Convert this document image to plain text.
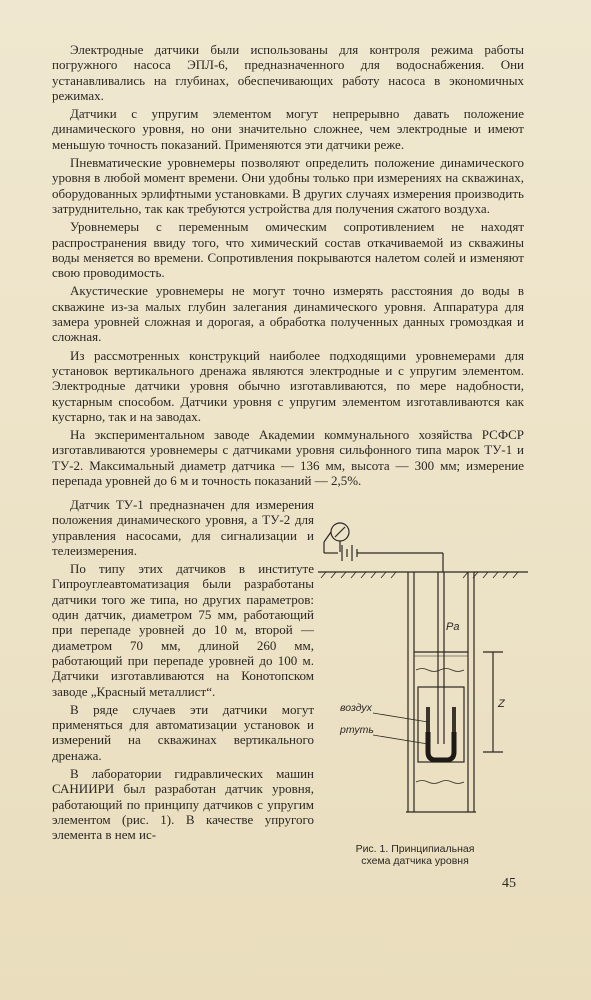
Электродные датчики были использованы для контроля режима работы погружного насоса ЭПЛ-6, предназначенного для водоснабжения. Они устанавливались на глубинах, обеспечивающих работу насоса в экономичных режимах.

Датчики с упругим элементом могут непрерывно давать положение динамического уровня, но они значительно сложнее, чем электродные и имеют меньшую точность показаний. Применяются эти датчики реже.

Пневматические уровнемеры позволяют определить положение динамического уровня в любой момент времени. Они удобны только при измерениях на скважинах, оборудованных эрлифтными установками. В других случаях измерения производить затруднительно, так как требуются устройства для получения сжатого воздуха.

Уровнемеры с переменным омическим сопротивлением не находят распространения ввиду того, что химический состав откачиваемой из скважины воды меняется во времени. Сопротивления покрываются налетом солей и изменяют свою проводимость.

Акустические уровнемеры не могут точно измерять расстояния до воды в скважине из-за малых глубин залегания динамического уровня. Аппаратура для замера уровней сложная и дорогая, а обработка полученных данных громоздкая и сложная.

Из рассмотренных конструкций наиболее подходящими уровнемерами для установок вертикального дренажа являются электродные и с упругим элементом. Электродные датчики уровня обычно изготавливаются, по мере надобности, кустарным способом. Датчики уровня с упругим элементом изготавливаются как кустарно, так и на заводах.

На экспериментальном заводе Академии коммунального хозяйства РСФСР изготавливаются уровнемеры с датчиками уровня сильфонного типа марок ТУ-1 и ТУ-2. Максимальный диаметр датчика — 136 мм, высота — 300 мм; измерение перепада уровней до 6 м и точность показаний — 2,5%.

Датчик ТУ-1 предназначен для измерения положения динамического уровня, а ТУ-2 для управления насосами, для сигнализации и телеизмерения.

По типу этих датчиков в институте Гипроуглеавтоматизация были разработаны датчики того же типа, но других параметров: один датчик, диаметром 75 мм, работающий при перепаде уровней до 10 м, второй — диаметром 70 мм, длиной 260 мм, работающий при перепаде уровней до 100 м. Датчики изготавливаются на Конотопском заводе „Красный металлист“.

В ряде случаев эти датчики могут применяться для автоматизации установок и измерений на скважинах вертикального дренажа.

В лаборатории гидравлических машин САНИИРИ был разработан датчик уровня, работающий по принципу датчиков с упругим элементом (рис. 1). В качестве упругого элемента в нем ис-

Pa
Z
воздух
ртуть
Рис. 1. Принципиальная
схема датчика уровня
45
